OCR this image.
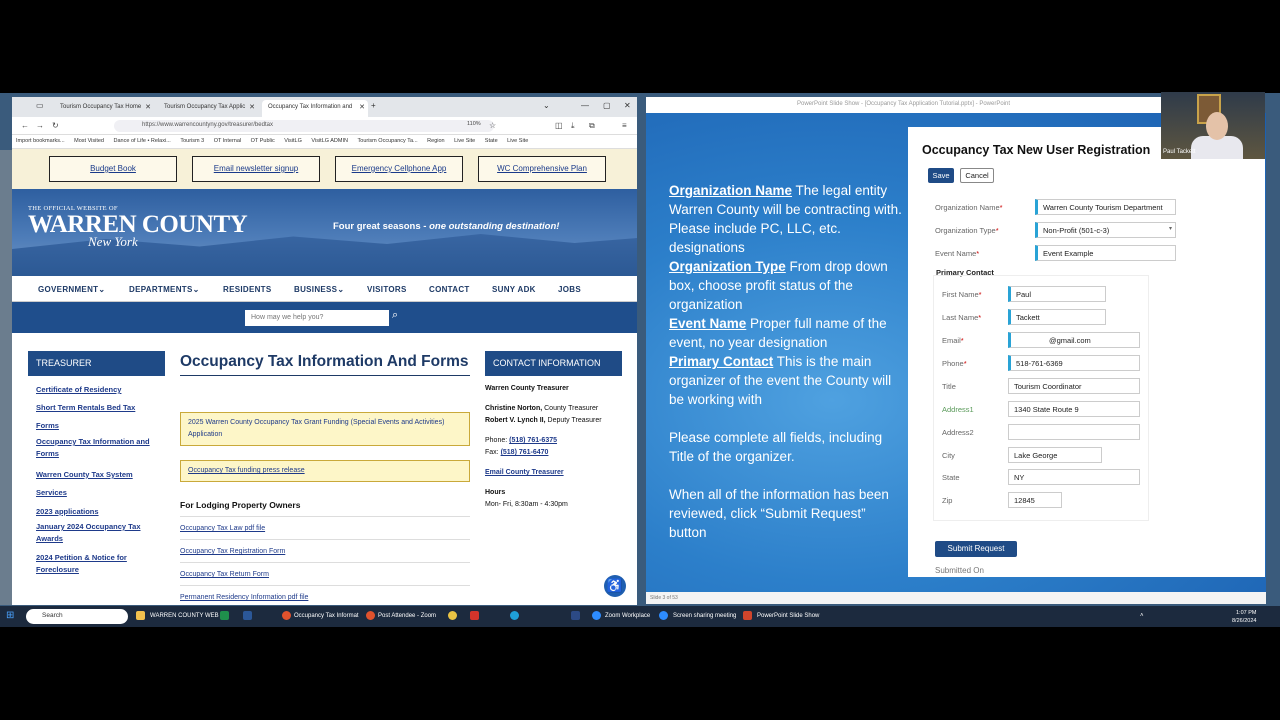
▭	Tourism Occupancy Tax Home ✕	Tourism Occupancy Tax Applic ✕	Occupancy Tax Information and ✕ +	⌄	— ▢ ✕
← → ↻	https://www.warrencountyny.gov/treasurer/bedtax	110% ☆	◫ ⤓ ⧉	≡
Import bookmarks... Most Visited Dance of Life • Relaxi... Tourism 3 OT Internal OT Public VisitLG VisitLG ADMIN Tourism Occupancy Ta... Region Live Site State Live Site
Budget Book	Email newsletter signup	Emergency Cellphone App	WC Comprehensive Plan
THE OFFICIAL WEBSITE OF
WARREN COUNTY
New York
Four great seasons - one outstanding destination!
GOVERNMENT⌄	DEPARTMENTS⌄	RESIDENTS	BUSINESS⌄	VISITORS	CONTACT	SUNY ADK	JOBS
How may we help you?	⌕
TREASURER
Certificate of Residency
Short Term Rentals Bed Tax Forms
Occupancy Tax Information and Forms
Warren County Tax System Services
2023 applications
January 2024 Occupancy Tax Awards
2024 Petition & Notice for Foreclosure
Occupancy Tax Information And Forms
2025 Warren County Occupancy Tax Grant Funding (Special Events and Activities) Application
Occupancy Tax funding press release
For Lodging Property Owners
Occupancy Tax Law pdf file
Occupancy Tax Registration Form
Occupancy Tax Return Form
Permanent Residency Information pdf file
CONTACT INFORMATION
Warren County Treasurer
Christine Norton, County Treasurer
Robert V. Lynch II, Deputy Treasurer
Phone: (518) 761-6375
Fax: (518) 761-6470
Email County Treasurer
Hours
Mon- Fri, 8:30am - 4:30pm
♿
PowerPoint Slide Show - [Occupancy Tax Application Tutorial.pptx] - PowerPoint
Organization Name The legal entity Warren County will be contracting with. Please include PC, LLC, etc. designations
Organization Type From drop down box, choose profit status of the organization
Event Name Proper full name of the event, no year designation
Primary Contact This is the main organizer of the event the County will be working with
Please complete all fields, including Title of the organizer.
When all of the information has been reviewed, click “Submit Request” button
Occupancy Tax New User Registration
Save	Cancel
Organization Name*	Warren County Tourism Department
Organization Type*	Non-Profit (501-c-3)	▾
Event Name*	Event Example
Primary Contact
First Name*	Paul
Last Name*	Tackett
Email*	@gmail.com
Phone*	518-761-6369
Title	Tourism Coordinator
Address1	1340 State Route 9
Address2
City	Lake George
State	NY
Zip	12845
Submit Request
Submitted On
Slide 3 of 53
Paul Tackett
⊞	Search	WARREN COUNTY WEB	Occupancy Tax Informat	Post Attendee - Zoom	Zoom Workplace	Screen sharing meeting	PowerPoint Slide Show	˄	1:07 PM
8/26/2024
